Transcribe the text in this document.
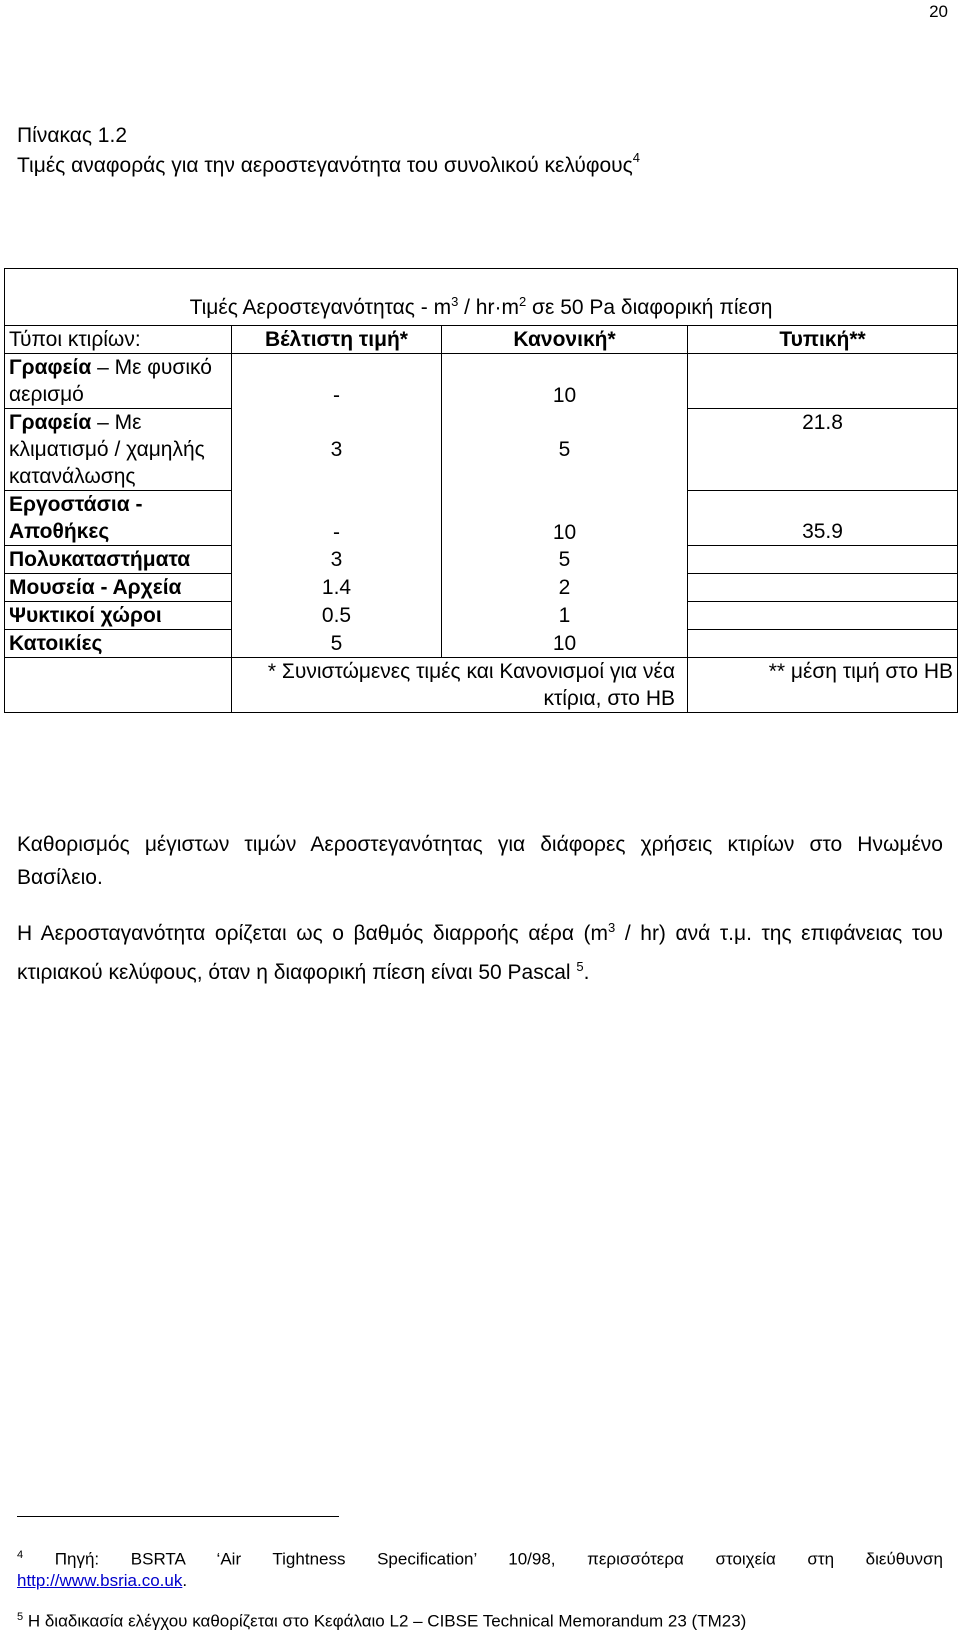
20
Πίνακας 1.2
Τιμές αναφοράς για την αεροστεγανότητα του συνολικού κελύφους$^4$
Τιμές $A\varepsilon\rho o\sigma\tau\varepsilon\gamma\alpha\nu ό\tau\eta\tau\alpha\varsigma - m^3 / hr\cdot m^2$ σε 50 Pa διαφορική πίεση			
Τύποι κτιρίων:	Βέλτιστη τιμή*	Κανονική*	Τυπική**
Γραφεία – Με φυσικό αερισμό	-	10	
Γραφεία – Με κλιματισμό / χαμηλής κατανάλωσης	3	5	21.8
Εργοστάσια - Αποθήκες	-	10	35.9
Πολυκαταστήματα	3	5	
Μουσεία - Αρχεία	1.4	2	
Ψυκτικοί χώροι	0.5	1	
Κατοικίες	5	10	
	* Συνιστώμενες τιμές και Κανονισμοί για νέα κτίρια, στο ΗΒ		** μέση τιμή στο ΗΒ
Καθορισμός μέγιστων τιμών Αεροστεγανότητας για διάφορες χρήσεις κτιρίων στο Ηνωμένο Βασίλειο.
Η Αεροσταγανότητα ορίζεται ως ο βαθμός διαρροής αέρα $(m^3 / hr)$ ανά τ.μ. της επιφάνειας του κτιριακού κελύφους, όταν η διαφορική πίεση είναι 50 Pascal $^5$.
$^4$ Πηγή: BSRTA ‘Air Tightness Specification’ 10/98, περισσότερα στοιχεία στη διεύθυνση
http://www.bsria.co.uk.
$^5$ Η διαδικασία ελέγχου καθορίζεται στο Κεφάλαιο L2 – CIBSE Technical Memorandum 23 (TM23)
